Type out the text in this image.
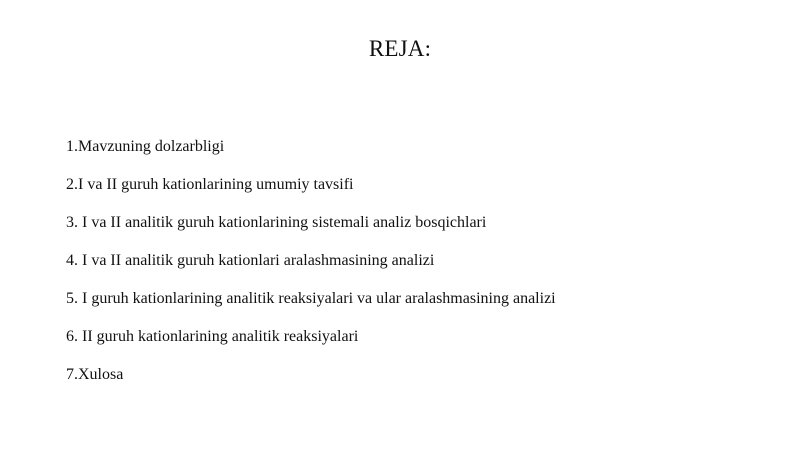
REJA:
1.Mavzuning dolzarbligi
2.I va II guruh kationlarining umumiy tavsifi
3. I va II analitik guruh kationlarining sistemali analiz bosqichlari
4. I va II analitik guruh kationlari aralashmasining analizi
5. I guruh kationlarining analitik reaksiyalari va ular aralashmasining analizi
6. II guruh kationlarining analitik reaksiyalari
7.Xulosa
